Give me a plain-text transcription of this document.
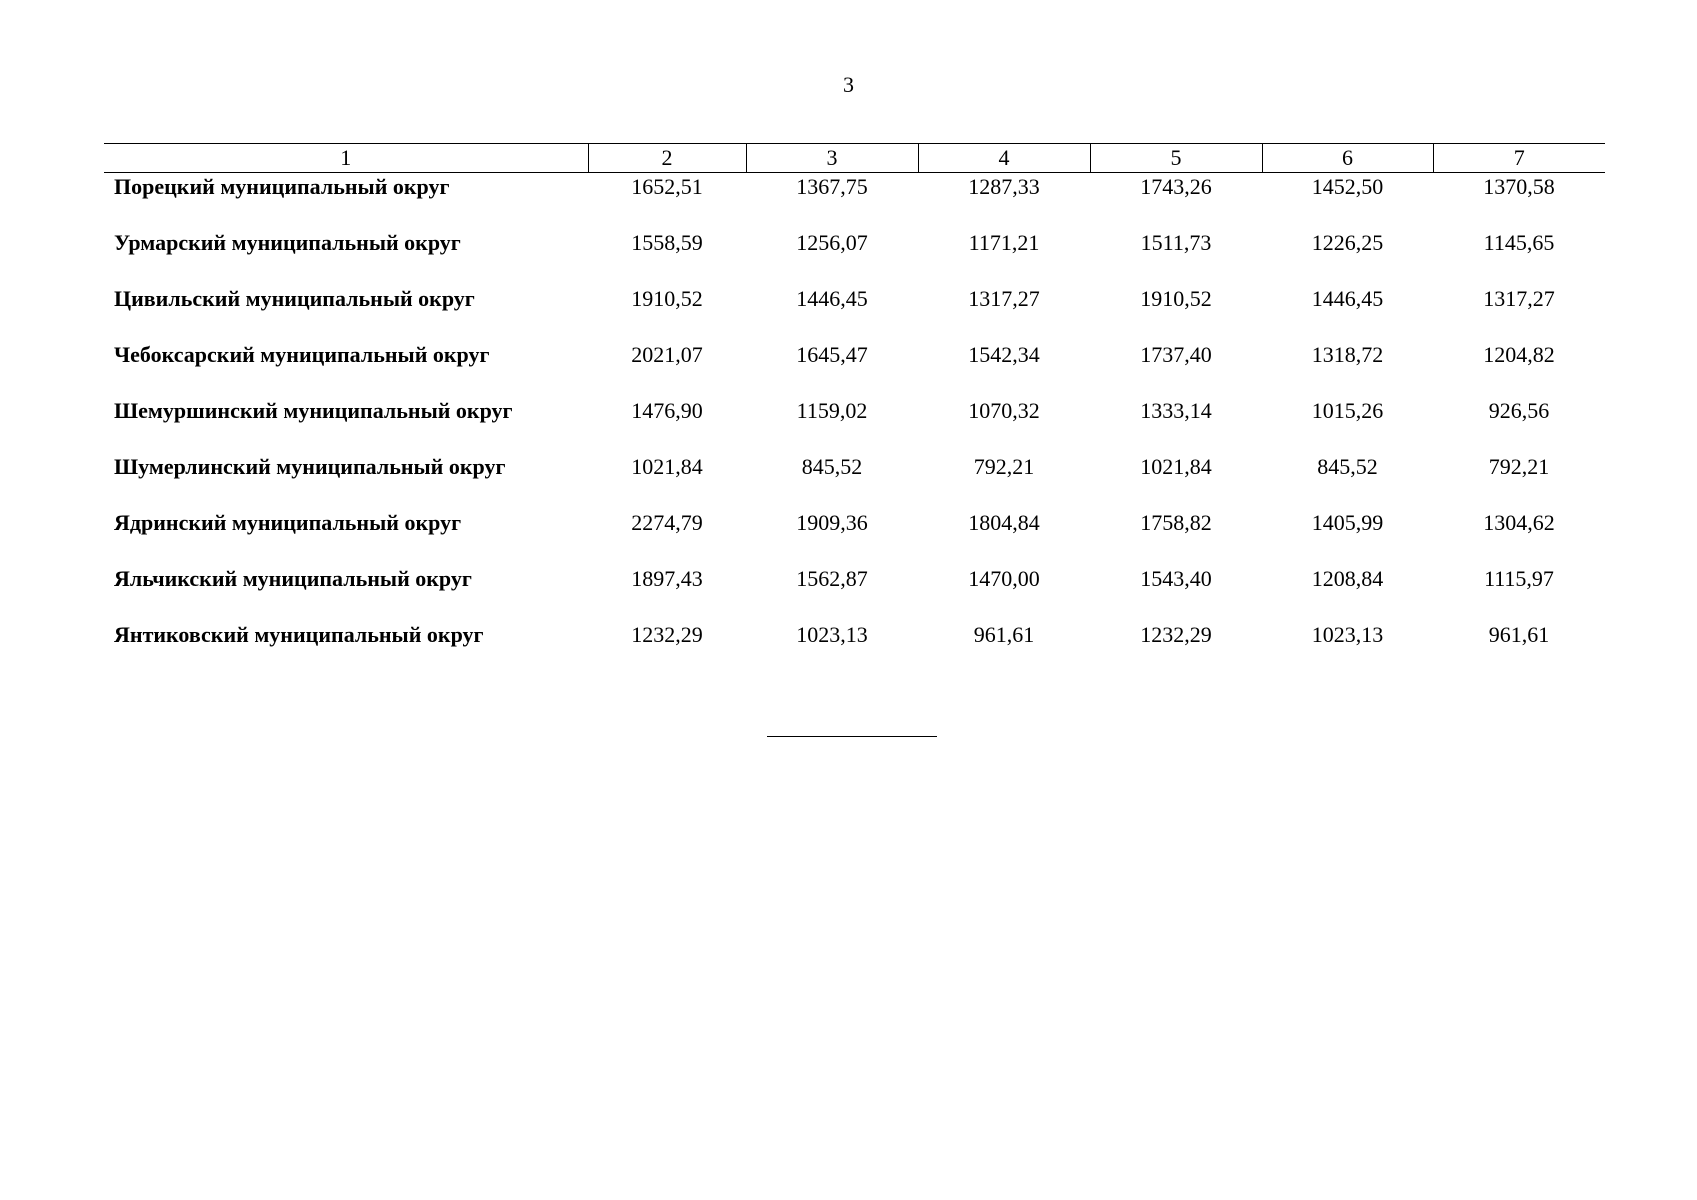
3
1	2	3	4	5	6	7
Порецкий муниципальный округ	1652,51	1367,75	1287,33	1743,26	1452,50	1370,58
Урмарский муниципальный округ	1558,59	1256,07	1171,21	1511,73	1226,25	1145,65
Цивильский муниципальный округ	1910,52	1446,45	1317,27	1910,52	1446,45	1317,27
Чебоксарский муниципальный округ	2021,07	1645,47	1542,34	1737,40	1318,72	1204,82
Шемуршинский муниципальный округ	1476,90	1159,02	1070,32	1333,14	1015,26	926,56
Шумерлинский муниципальный округ	1021,84	845,52	792,21	1021,84	845,52	792,21
Ядринский муниципальный округ	2274,79	1909,36	1804,84	1758,82	1405,99	1304,62
Яльчикский муниципальный округ	1897,43	1562,87	1470,00	1543,40	1208,84	1115,97
Янтиковский муниципальный округ	1232,29	1023,13	961,61	1232,29	1023,13	961,61
